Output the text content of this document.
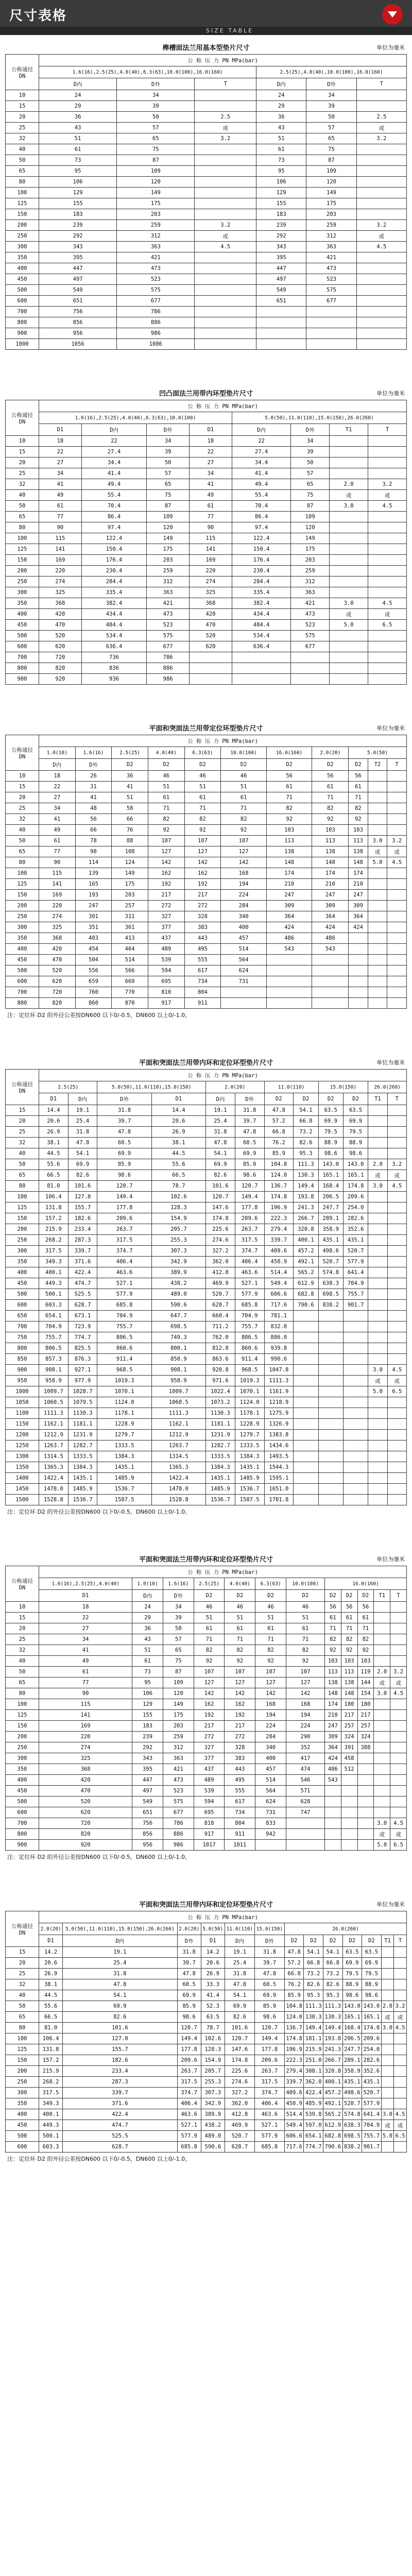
尺寸表格
SIZE TABLE
榫槽面法兰用基本型垫片尺寸	单位为毫米
公称通径 DN	公 称 压 力 PN MPa(bar)					
	1.6(16),2.5(25),4.0(40),6.3(63),10.0(100),16.0(160)			2.5(25),4.0(40),10.0(100),16.0(160)		
	D内	D外	T	D内	D外	T
10	24	34		24	34	
15	29	39		29	39	
20	36	50	2.5	36	50	2.5
25	43	57	或	43	57	或
32	51	65	3.2	51	65	3.2
40	61	75		61	75	
50	73	87		73	87	
65	95	109		95	109	
80	106	120		106	120	
100	129	149		129	149	
125	155	175		155	175	
150	183	203		183	203	
200	239	259	3.2	239	259	3.2
250	292	312	或	292	312	或
300	343	363	4.5	343	363	4.5
350	395	421		395	421	
400	447	473		447	473	
450	497	523		497	523	
500	549	575		549	575	
600	651	677		651	677	
700	756	786				
800	856	886				
900	956	986				
1000	1056	1086				
凹凸面法兰用带内环型垫片尺寸	单位为毫米
公称通径 DN	公 称 压 力 PN MPa(bar)							
	1.6(16),2.5(25),4.0(40),6.3(63),10.0(100)				5.0(50),11.0(110),15.0(150),26.0(260)			
	D1	D内	D外	D1	D内	D外	T1	T
10	18	22	34	18	22	34		
15	22	27.4	39	22	27.4	39		
20	27	34.4	50	27	34.4	50		
25	34	41.4	57	34	41.4	57		
32	41	49.4	65	41	49.4	65	2.0	3.2
40	49	55.4	75	49	55.4	75	或	或
50	61	70.4	87	61	70.4	87	3.0	4.5
65	77	86.4	109	77	86.4	109		
80	90	97.4	120	90	97.4	120		
100	115	122.4	149	115	122.4	149		
125	141	150.4	175	141	150.4	175		
150	169	176.4	203	169	176.4	203		
200	220	230.4	259	220	230.4	259		
250	274	284.4	312	274	284.4	312		
300	325	335.4	363	325	335.4	363		
350	368	382.4	421	368	382.4	421	3.0	4.5
400	420	434.4	473	420	434.4	473	或	或
450	470	484.4	523	470	484.4	523	5.0	6.5
500	520	534.4	575	520	534.4	575		
600	620	636.4	677	620	636.4	677		
700	720	736	786					
800	820	836	886					
900	920	936	986					
平面和突面法兰用带定位环型垫片尺寸	单位为毫米
公称通径 DN	公 称 压 力 PN MPa(bar)										
	1.0(10)	1.6(16)	2.5(25)	4.0(40)	6.3(63)	10.0(100)	16.0(160)	2.0(20)	5.0(50)		
	D内	D外	D2	D2	D2	D2	D2	D2	D2	T2	T
10	18	26	36	46	46	46	56	56	56		
15	22	31	41	51	51	51	61	61	61		
20	27	41	51	61	61	61	71	71	71		
25	34	48	58	71	71	71	82	82	82		
32	41	56	66	82	82	82	92	92	92		
40	49	66	76	92	92	92	103	103	103		
50	61	78	88	107	107	107	113	113	113	3.0	3.2
65	77	98	108	127	127	127	138	138	138	或	或
80	90	114	124	142	142	142	148	148	148	5.0	4.5
100	115	139	149	162	162	168	174	174	174		
125	141	165	175	192	192	194	210	210	210		
150	169	193	203	217	217	224	247	247	247		
200	220	247	257	272	272	284	309	309	309		
250	274	301	311	327	328	340	364	364	364		
300	325	351	361	377	383	400	424	424	424		
350	368	403	413	437	443	457	486	486			
400	420	454	464	489	495	514	543	543			
450	470	504	514	539	555	564					
500	520	556	566	594	617	624					
600	620	659	669	695	734	731					
700	720	760	770	810	804						
800	820	860	870	917	911						
注：定位环 D2 的外径公差按DN600 以下0/-0.5，DN600 以上0/-1.0。
平面和突面法兰用带内环和定位环型垫片尺寸	单位为毫米
公称通径 DN	公 称 压 力 PN MPa(bar)											
	2.5(25)		5.0(50),11.0(110),15.0(150)		2.0(20)		11.0(110)		15.0(150)		26.0(260)	
	D1	D内	D外	D1	D内	D外	D2	D2	D2	D2	T1	T
15	14.4	19.1	31.8	14.4	19.1	31.8	47.8	54.1	63.5	63.5		
20	20.6	25.4	39.7	20.6	25.4	39.7	57.2	66.8	69.9	69.9		
25	26.9	31.8	47.8	26.9	31.8	47.8	66.8	73.2	79.5	79.5		
32	38.1	47.8	60.5	38.1	47.8	60.5	76.2	82.6	88.9	88.9		
40	44.5	54.1	69.9	44.5	54.1	69.9	85.9	95.3	98.6	98.6		
50	55.6	69.9	85.9	55.6	69.9	85.9	104.8	111.3	143.0	143.0	2.0	3.2
65	66.5	82.6	98.6	66.5	82.6	98.6	124.0	130.3	165.1	165.1	或	或
80	81.0	101.6	120.7	78.7	101.6	120.7	136.7	149.4	168.4	174.8	3.0	4.5
100	106.4	127.0	149.4	102.6	120.7	149.4	174.8	193.8	206.5	209.6		
125	131.8	155.7	177.8	128.3	147.6	177.8	196.9	241.3	247.7	254.0		
150	157.2	182.6	209.6	154.9	174.8	209.6	222.3	266.7	289.1	282.6		
200	215.9	233.4	263.7	205.7	225.6	263.7	279.4	320.8	358.9	352.6		
250	268.2	287.3	317.5	255.3	274.6	317.5	339.7	400.1	435.1	435.1		
300	317.5	339.7	374.7	307.3	327.2	374.7	409.6	457.2	498.6	520.7		
350	349.3	371.6	406.4	342.9	362.0	406.4	450.9	492.1	520.7	577.9		
400	400.1	422.4	463.6	389.9	412.8	463.6	514.4	565.2	574.8	641.4		
450	449.3	474.7	527.1	438.2	469.9	527.1	549.4	612.9	638.3	704.9		
500	500.1	525.5	577.9	489.0	520.7	577.9	606.6	682.8	698.5	755.7		
600	603.3	628.7	685.8	590.6	628.7	685.8	717.6	790.6	838.2	901.7		
650	654.1	673.1	704.9	647.7	660.4	704.9	781.1					
700	704.9	723.9	755.7	698.5	711.2	755.7	832.0					
750	755.7	774.7	806.5	749.3	762.0	806.5	886.0					
800	806.5	825.5	860.6	800.1	812.8	860.6	939.8					
850	857.3	876.3	911.4	850.9	863.6	911.4	990.6					
900	908.1	927.1	968.5	908.1	920.8	968.5	1047.8				3.0	4.5
950	958.9	977.9	1019.3	958.9	971.6	1019.3	1111.3				或	或
1000	1009.7	1028.7	1070.1	1009.7	1022.4	1070.1	1161.9				5.0	6.5
1050	1060.5	1079.5	1124.0	1060.5	1073.2	1124.0	1218.9					
1100	1111.3	1130.3	1178.1	1111.3	1130.3	1178.1	1275.9					
1150	1162.1	1181.1	1228.9	1162.1	1181.1	1228.9	1326.9					
1200	1212.9	1231.9	1279.7	1212.9	1231.9	1279.7	1383.8					
1250	1263.7	1282.7	1333.5	1263.7	1282.7	1333.5	1434.6					
1300	1314.5	1333.5	1384.3	1314.5	1333.5	1384.3	1493.5					
1350	1365.3	1384.3	1435.1	1365.3	1384.3	1435.1	1544.3					
1400	1422.4	1435.1	1485.9	1422.4	1435.1	1485.9	1595.1					
1450	1478.0	1485.9	1536.7	1478.0	1485.9	1536.7	1651.0					
1500	1528.8	1536.7	1587.5	1528.8	1536.7	1587.5	1701.8					
注：定位环 D2 的外径公差按DN600 以下0/-0.5，DN600 以上0/-1.0。
平面和突面法兰用带内环和定位环型垫片尺寸	单位为毫米
公称通径 DN	公 称 压 力 PN MPa(bar)											
	1.6(16),2.5(25),4.0(40)	1.0(10)	1.6(16)	2.5(25)	4.0(40)	6.3(63)	10.0(100)	16.0(160)				
	D1	D内	D外	D2	D2	D2	D2	D2	D2	D2	T1	T
10	18	24	34	46	46	46	46	56	56	56		
15	22	29	39	51	51	51	51	61	61	61		
20	27	36	50	61	61	61	61	71	71	71		
25	34	43	57	71	71	71	71	82	82	82		
32	41	51	65	82	82	82	82	92	92	92		
40	49	61	75	92	92	92	92	103	103	103		
50	61	73	87	107	107	107	107	113	113	119	2.0	3.2
65	77	95	109	127	127	127	127	138	138	144	或	或
80	90	106	120	142	142	142	142	148	148	154	3.0	4.5
100	115	129	149	162	162	168	168	174	180	180		
125	141	155	175	192	192	194	194	210	217	217		
150	169	183	203	217	217	224	224	247	257	257		
200	220	239	259	272	272	284	290	309	324	324		
250	274	292	312	327	328	340	352	364	391	388		
300	325	343	363	377	383	400	417	424	458			
350	368	395	421	437	443	457	474	486	512			
400	420	447	473	489	495	514	546	543				
450	470	497	523	539	555	564	571					
500	520	549	575	594	617	624	628					
600	620	651	677	695	734	731	747					
700	720	756	786	810	804	833					3.0	4.5
800	820	856	886	917	911	942					或	或
900	920	956	986	1017	1011						5.0	6.5
注：定位环 D2 的外径公差按DN600 以下0/-0.5，DN600 以上0/-1.0。
平面和突面法兰用带内环和定位环型垫片尺寸	单位为毫米
公称通径 DN	公 称 压 力 PN MPa(bar)												
	2.0(20)	5.0(50),11.0(110),15.0(150),26.0(260)	2.0(20)	5.0(50)	11.0(110)	15.0(150)	26.0(260)						
	D1	D内	D外	D1	D内	D外	D2	D2	D2	D2	D2	T1	T
15	14.2	19.1	31.8	14.2	19.1	31.8	47.8	54.1	54.1	63.5	63.5		
20	20.6	25.4	39.7	20.6	25.4	39.7	57.2	66.8	66.8	69.9	69.9		
25	26.9	31.8	47.8	26.9	31.8	47.8	66.8	73.2	73.2	79.5	79.5		
32	38.1	47.8	60.5	33.3	47.8	60.5	76.2	82.6	82.6	88.9	88.9		
40	44.5	54.1	69.9	41.4	54.1	69.9	85.9	95.3	95.3	98.6	98.6		
50	55.6	69.9	85.9	52.3	69.9	85.9	104.8	111.3	111.3	143.0	143.0	2.0	3.2
65	66.5	82.6	98.6	63.5	82.6	98.6	124.0	130.3	130.3	165.1	165.1	或	或
80	81.0	101.6	120.7	78.7	101.6	120.7	136.7	149.4	149.4	168.4	174.8	3.0	4.5
100	106.4	127.0	149.4	102.6	120.7	149.4	174.8	181.1	193.8	206.5	209.6		
125	131.8	155.7	177.8	128.3	147.6	177.8	196.9	215.9	241.3	247.7	254.0		
150	157.2	182.6	209.6	154.9	174.8	209.6	222.3	251.0	266.7	289.1	282.6		
200	215.9	233.4	263.7	205.7	225.6	263.7	279.4	308.1	320.8	358.9	352.6		
250	268.2	287.3	317.5	255.3	274.6	317.5	339.7	362.0	400.1	435.1	435.1		
300	317.5	339.7	374.7	307.3	327.2	374.7	409.6	422.4	457.2	498.6	520.7		
350	349.3	371.6	406.4	342.9	362.0	406.4	450.9	485.9	492.1	520.7	577.9		
400	400.1	422.4	463.6	389.9	412.8	463.6	514.4	539.8	565.2	574.8	641.4	3.0	4.5
450	449.3	474.7	527.1	438.2	469.9	527.1	549.4	597.0	612.9	638.3	704.9	或	或
500	500.1	525.5	577.9	489.0	520.7	577.9	606.6	654.1	682.8	698.5	755.7	5.0	6.5
600	603.3	628.7	685.8	590.6	628.7	685.8	717.6	774.7	790.6	838.2	901.7		
注：定位环 D2 的外径公差按DN600 以下0/-0.5，DN600 以上0/-1.0。
